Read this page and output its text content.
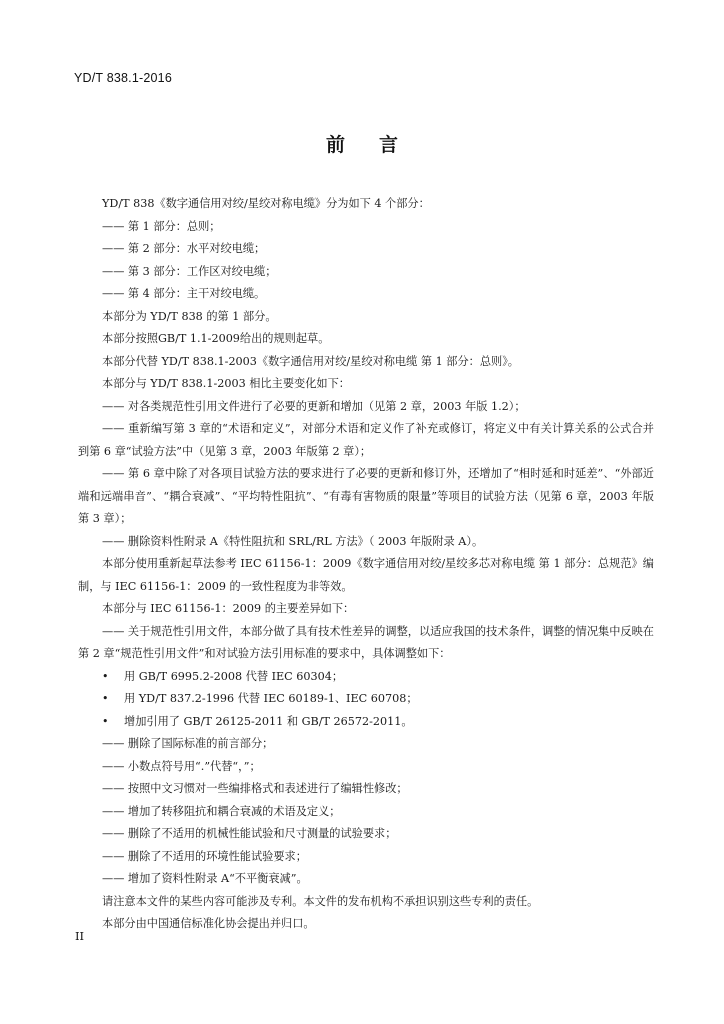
YD/T 838.1-2016
前言

YD/T 838《数字通信用对绞/星绞对称电缆》分为如下 4 个部分：

—— 第 1 部分：总则；

—— 第 2 部分：水平对绞电缆；

—— 第 3 部分：工作区对绞电缆；

—— 第 4 部分：主干对绞电缆。

本部分为 YD/T 838 的第 1 部分。

本部分按照GB/T 1.1-2009给出的规则起草。

本部分代替 YD/T 838.1-2003《数字通信用对绞/星绞对称电缆 第 1 部分：总则》。

本部分与 YD/T 838.1-2003 相比主要变化如下：

—— 对各类规范性引用文件进行了必要的更新和增加（见第 2 章，2003 年版 1.2）；

—— 重新编写第 3 章的“术语和定义”，对部分术语和定义作了补充或修订，将定义中有关计算关系的公式合并到第 6 章“试验方法”中（见第 3 章，2003 年版第 2 章）；

—— 第 6 章中除了对各项目试验方法的要求进行了必要的更新和修订外，还增加了“相时延和时延差”、“外部近端和远端串音”、“耦合衰减”、“平均特性阻抗”、“有毒有害物质的限量”等项目的试验方法（见第 6 章，2003 年版第 3 章）；

—— 删除资料性附录 A《特性阻抗和 SRL/RL 方法》（ 2003 年版附录 A）。

本部分使用重新起草法参考 IEC 61156-1：2009《数字通信用对绞/星绞多芯对称电缆 第 1 部分：总规范》编制，与 IEC 61156-1：2009 的一致性程度为非等效。

本部分与 IEC 61156-1：2009 的主要差异如下：

—— 关于规范性引用文件，本部分做了具有技术性差异的调整，以适应我国的技术条件，调整的情况集中反映在第 2 章“规范性引用文件”和对试验方法引用标准的要求中，具体调整如下：

• 用 GB/T 6995.2-2008 代替 IEC 60304；

• 用 YD/T 837.2-1996 代替 IEC 60189-1、IEC 60708；

• 增加引用了 GB/T 26125-2011 和 GB/T 26572-2011。

—— 删除了国际标准的前言部分；

—— 小数点符号用“.”代替“，”；

—— 按照中文习惯对一些编排格式和表述进行了编辑性修改；

—— 增加了转移阻抗和耦合衰减的术语及定义；

—— 删除了不适用的机械性能试验和尺寸测量的试验要求；

—— 删除了不适用的环境性能试验要求；

—— 增加了资料性附录 A“不平衡衰减”。

请注意本文件的某些内容可能涉及专利。本文件的发布机构不承担识别这些专利的责任。

本部分由中国通信标准化协会提出并归口。

II
